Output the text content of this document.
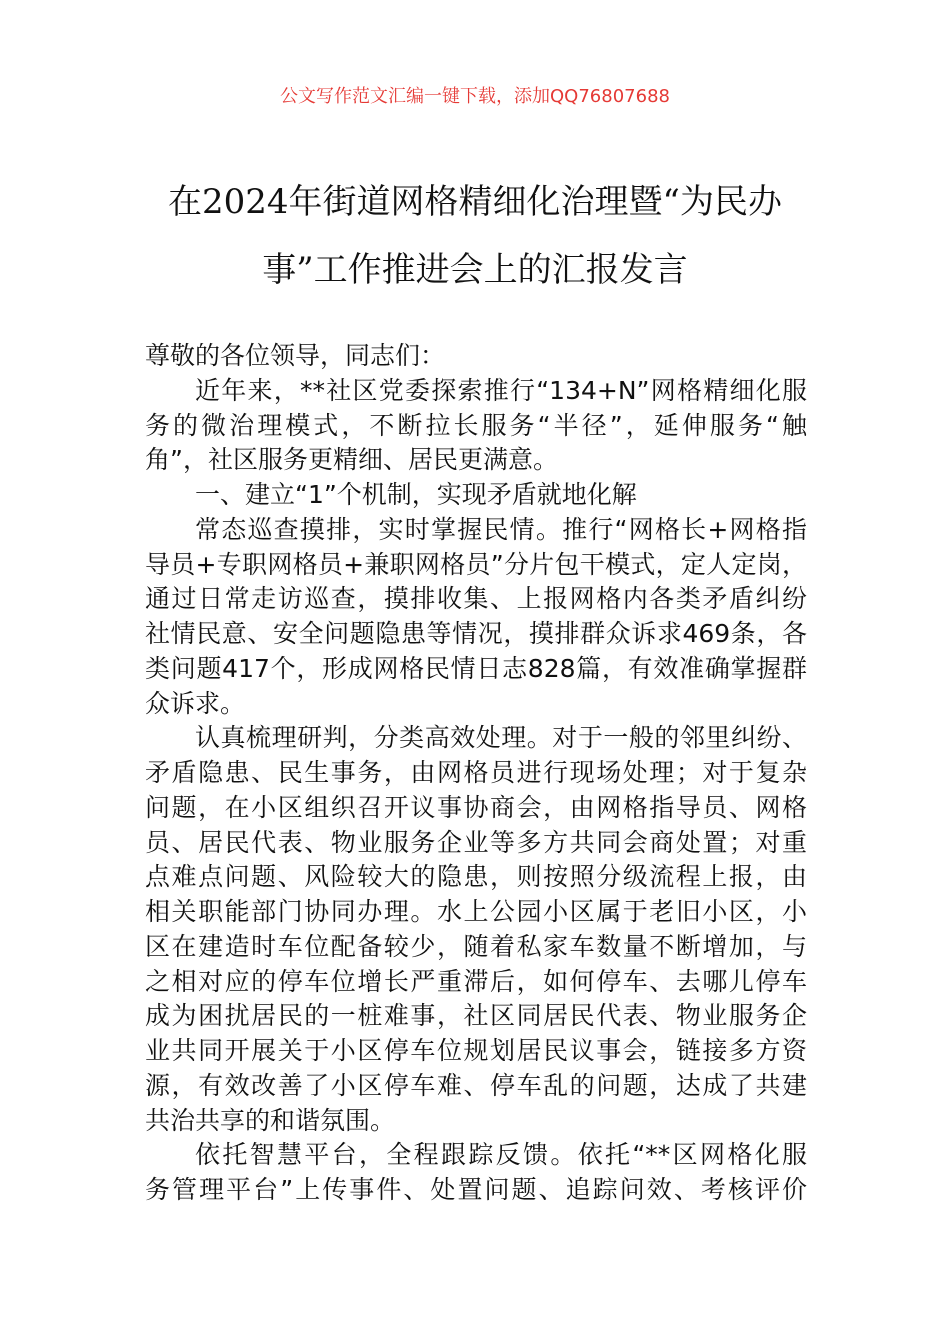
公文写作范文汇编一键下载，添加QQ76807688
在2024年街道网格精细化治理暨“为民办
事”工作推进会上的汇报发言
尊敬的各位领导，同志们：
近年来，**社区党委探索推行“134+N”网格精细化服
务的微治理模式，不断拉长服务“半径”，延伸服务“触
角”，社区服务更精细、居民更满意。
一、建立“1”个机制，实现矛盾就地化解
常态巡查摸排，实时掌握民情。推行“网格长+网格指
导员+专职网格员+兼职网格员”分片包干模式，定人定岗，
通过日常走访巡查，摸排收集、上报网格内各类矛盾纠纷
社情民意、安全问题隐患等情况，摸排群众诉求469条，各
类问题417个，形成网格民情日志828篇，有效准确掌握群
众诉求。
认真梳理研判，分类高效处理。对于一般的邻里纠纷、
矛盾隐患、民生事务，由网格员进行现场处理；对于复杂
问题，在小区组织召开议事协商会，由网格指导员、网格
员、居民代表、物业服务企业等多方共同会商处置；对重
点难点问题、风险较大的隐患，则按照分级流程上报，由
相关职能部门协同办理。水上公园小区属于老旧小区，小
区在建造时车位配备较少，随着私家车数量不断增加，与
之相对应的停车位增长严重滞后，如何停车、去哪儿停车
成为困扰居民的一桩难事，社区同居民代表、物业服务企
业共同开展关于小区停车位规划居民议事会，链接多方资
源，有效改善了小区停车难、停车乱的问题，达成了共建
共治共享的和谐氛围。
依托智慧平台，全程跟踪反馈。依托“**区网格化服
务管理平台”上传事件、处置问题、追踪问效、考核评价
